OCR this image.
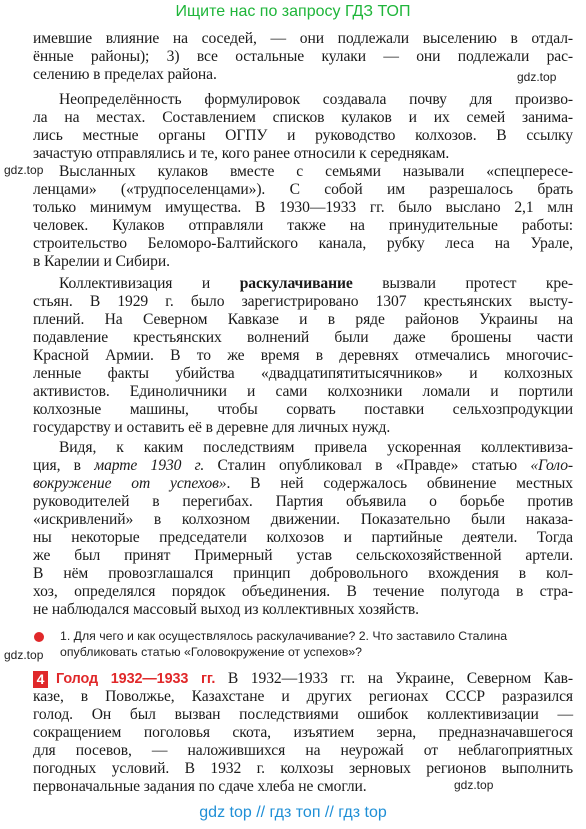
Ищите нас по запросу ГДЗ ТОП
gdz.top
gdz.top
gdz.top
gdz.top
имевшие влияние на соседей, — они подлежали выселению в отдал-
ённые районы); 3) все остальные кулаки — они подлежали рас-
селению в пределах района.
Неопределённость формулировок создавала почву для произво-
ла на местах. Составлением списков кулаков и их семей занима-
лись местные органы ОГПУ и руководство колхозов. В ссылку
зачастую отправлялись и те, кого ранее относили к середнякам.
Высланных кулаков вместе с семьями называли «спецпересе-
ленцами» («трудпоселенцами»). С собой им разрешалось брать
только минимум имущества. В 1930—1933 гг. было выслано 2,1 млн
человек. Кулаков отправляли также на принудительные работы:
строительство Беломоро-Балтийского канала, рубку леса на Урале,
в Карелии и Сибири.
Коллективизация и раскулачивание вызвали протест кре-
стьян. В 1929 г. было зарегистрировано 1307 крестьянских высту-
плений. На Северном Кавказе и в ряде районов Украины на
подавление крестьянских волнений были даже брошены части
Красной Армии. В то же время в деревнях отмечались многочис-
ленные факты убийства «двадцатипятитысячников» и колхозных
активистов. Единоличники и сами колхозники ломали и портили
колхозные машины, чтобы сорвать поставки сельхозпродукции
государству и оставить её в деревне для личных нужд.
Видя, к каким последствиям привела ускоренная коллективиза-
ция, в марте 1930 г. Сталин опубликовал в «Правде» статью «Голо-
вокружение от успехов». В ней содержалось обвинение местных
руководителей в перегибах. Партия объявила о борьбе против
«искривлений» в колхозном движении. Показательно были наказа-
ны некоторые председатели колхозов и партийные деятели. Тогда
же был принят Примерный устав сельскохозяйственной артели.
В нём провозглашался принцип добровольного вхождения в кол-
хоз, определялся порядок объединения. В течение полугода в стра-
не наблюдался массовый выход из коллективных хозяйств.
1. Для чего и как осуществлялось раскулачивание? 2. Что заставило Сталина
опубликовать статью «Головокружение от успехов»?
4 Голод 1932—1933 гг. В 1932—1933 гг. на Украине, Северном Кав-
казе, в Поволжье, Казахстане и других регионах СССР разразился
голод. Он был вызван последствиями ошибок коллективизации —
сокращением поголовья скота, изъятием зерна, предназначавшегося
для посевов, — наложившихся на неурожай от неблагоприятных
погодных условий. В 1932 г. колхозы зерновых регионов выполнить
первоначальные задания по сдаче хлеба не смогли.
gdz top // гдз топ // гдз top
